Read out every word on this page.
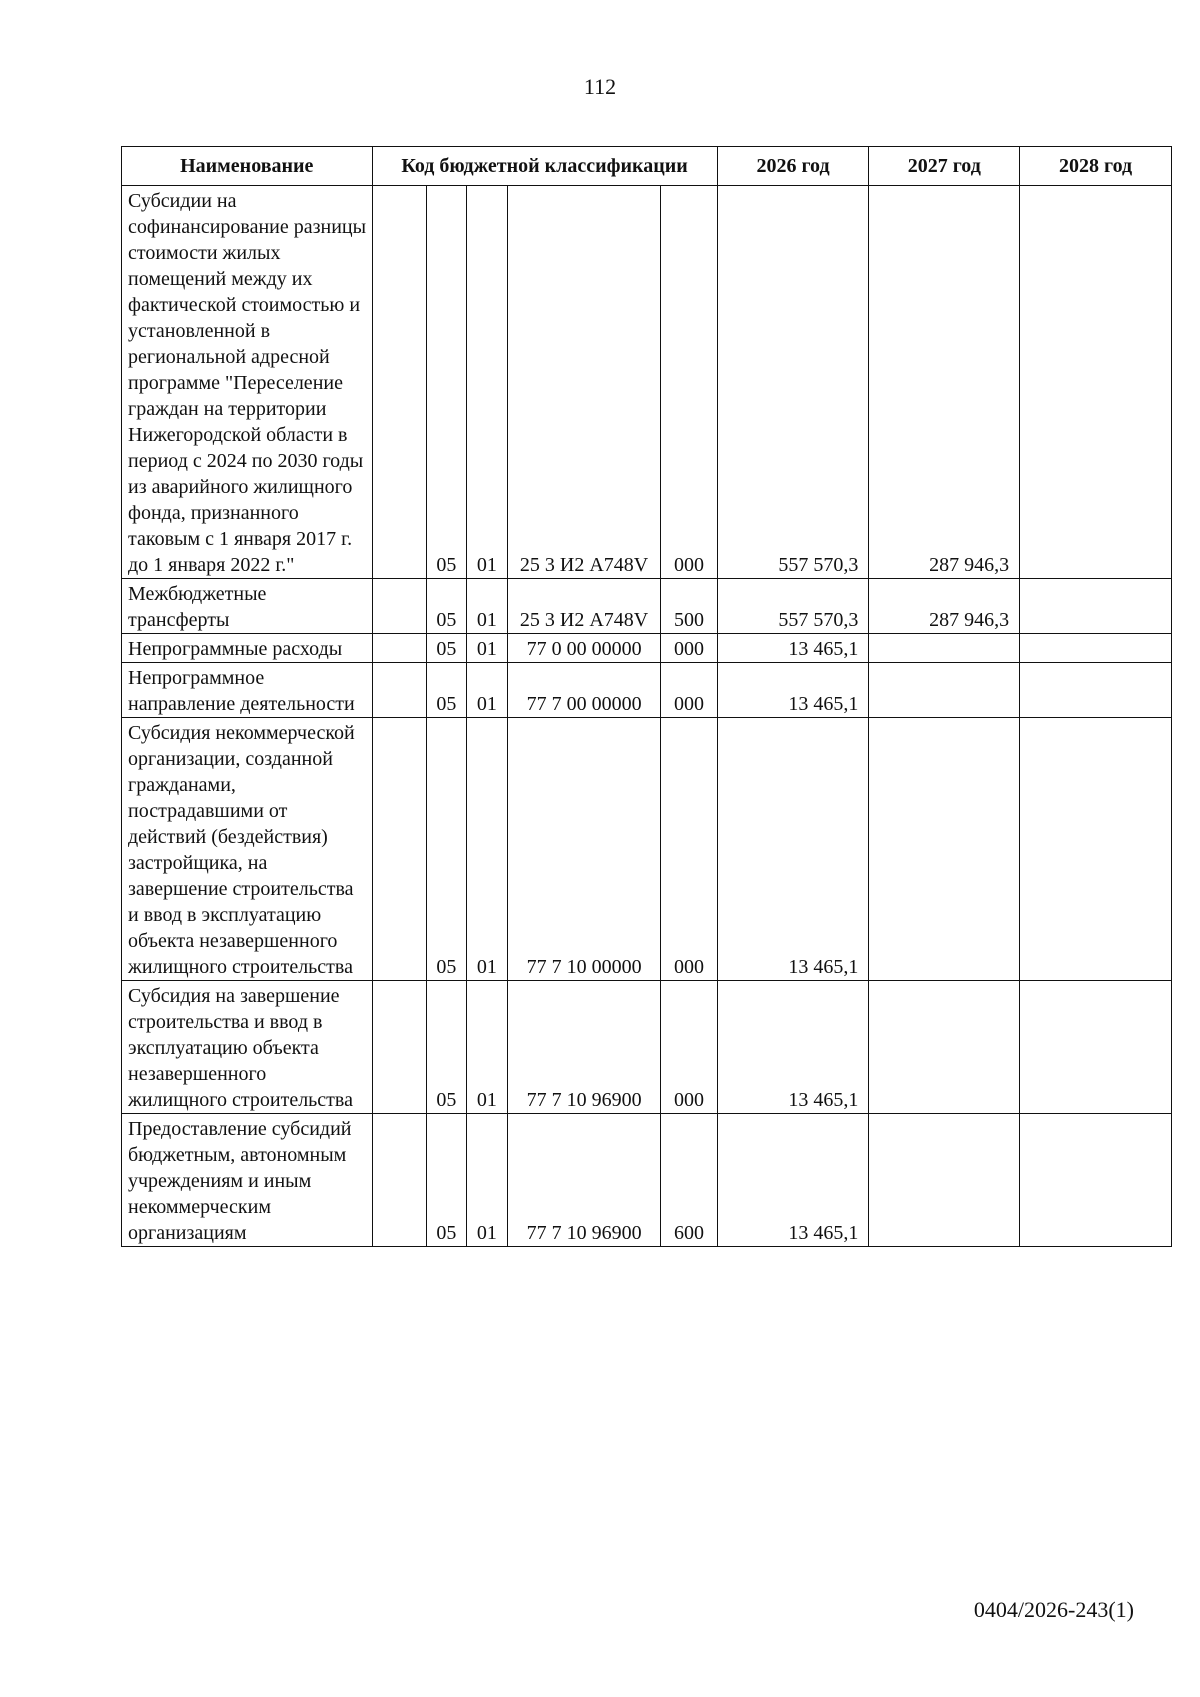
112
Наименование	Код бюджетной классификации					2026 год	2027 год	2028 год
Субсидии на софинансирование разницы стоимости жилых помещений между их фактической стоимостью и установленной в региональной адресной программе "Переселение граждан на территории Нижегородской области в период с 2024 по 2030 годы из аварийного жилищного фонда, признанного таковым с 1 января 2017 г. до 1 января 2022 г."		05	01	25 3 И2 А748V	000	557 570,3	287 946,3	
Межбюджетные трансферты		05	01	25 3 И2 А748V	500	557 570,3	287 946,3	
Непрограммные расходы		05	01	77 0 00 00000	000	13 465,1		
Непрограммное направление деятельности		05	01	77 7 00 00000	000	13 465,1		
Субсидия некоммерческой организации, созданной гражданами, пострадавшими от действий (бездействия) застройщика, на завершение строительства и ввод в эксплуатацию объекта незавершенного жилищного строительства		05	01	77 7 10 00000	000	13 465,1		
Субсидия на завершение строительства и ввод в эксплуатацию объекта незавершенного жилищного строительства		05	01	77 7 10 96900	000	13 465,1		
Предоставление субсидий бюджетным, автономным учреждениям и иным некоммерческим организациям		05	01	77 7 10 96900	600	13 465,1		
0404/2026-243(1)
